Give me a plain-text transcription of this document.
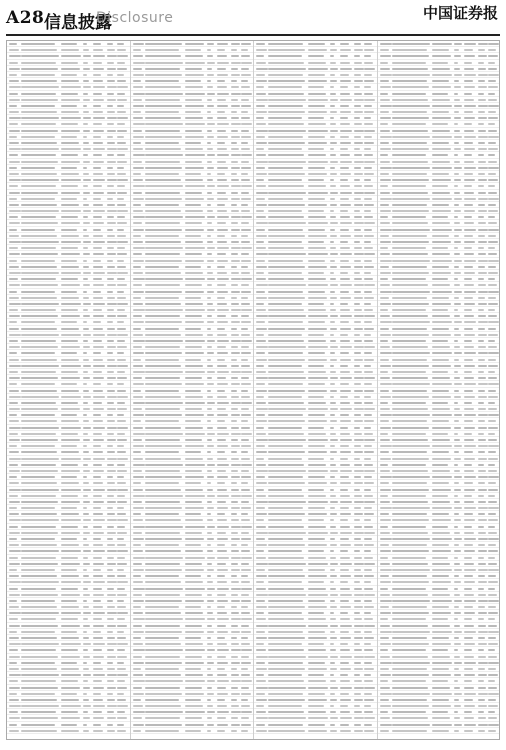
A28 信息披露
Disclosure	中国证券报
